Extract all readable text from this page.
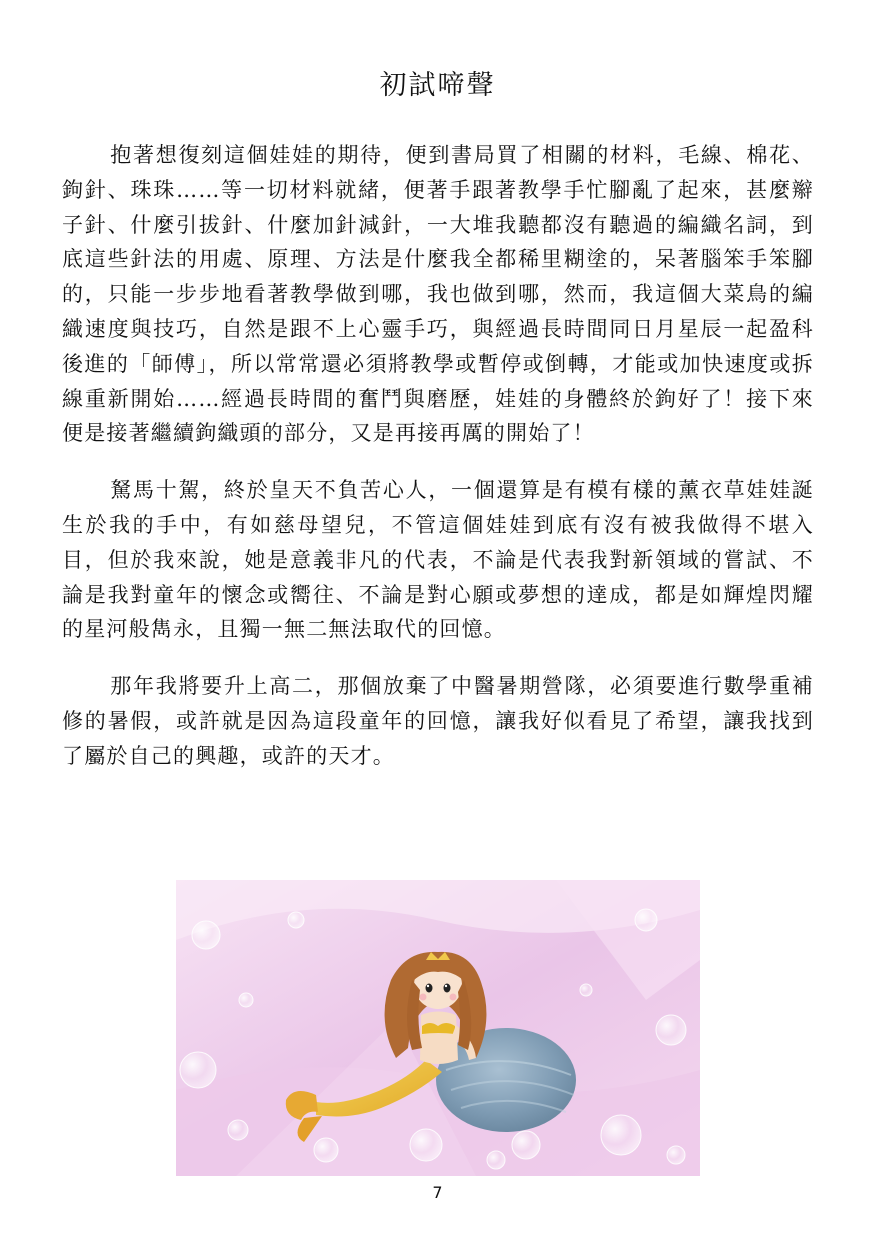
初試啼聲

抱著想復刻這個娃娃的期待，便到書局買了相關的材料，毛線、棉花、鉤針、珠珠……等一切材料就緒，便著手跟著教學手忙腳亂了起來，甚麼辮子針、什麼引拔針、什麼加針減針，一大堆我聽都沒有聽過的編織名詞，到底這些針法的用處、原理、方法是什麼我全都稀里糊塗的，呆著腦笨手笨腳的，只能一步步地看著教學做到哪，我也做到哪，然而，我這個大菜鳥的編織速度與技巧，自然是跟不上心靈手巧，與經過長時間同日月星辰一起盈科後進的「師傅」，所以常常還必須將教學或暫停或倒轉，才能或加快速度或拆線重新開始……經過長時間的奮鬥與磨歷，娃娃的身體終於鉤好了！接下來便是接著繼續鉤織頭的部分，又是再接再厲的開始了！

駑馬十駕，終於皇天不負苦心人，一個還算是有模有樣的薰衣草娃娃誕生於我的手中，有如慈母望兒，不管這個娃娃到底有沒有被我做得不堪入目，但於我來說，她是意義非凡的代表，不論是代表我對新領域的嘗試、不論是我對童年的懷念或嚮往、不論是對心願或夢想的達成，都是如輝煌閃耀的星河般雋永，且獨一無二無法取代的回憶。

那年我將要升上高二，那個放棄了中醫暑期營隊，必須要進行數學重補修的暑假，或許就是因為這段童年的回憶，讓我好似看見了希望，讓我找到了屬於自己的興趣，或許的天才。

7
